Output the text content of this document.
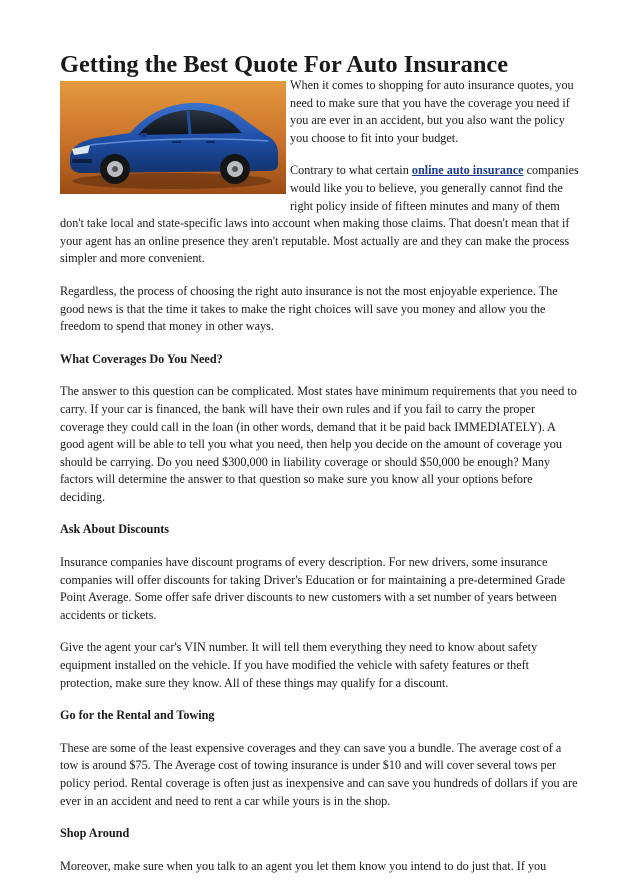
Getting the Best Quote For Auto Insurance

When it comes to shopping for auto insurance quotes, you need to make sure that you have the coverage you need if you are ever in an accident, but you also want the policy you choose to fit into your budget.

Contrary to what certain online auto insurance companies would like you to believe, you generally cannot find the right policy inside of fifteen minutes and many of them don't take local and state-specific laws into account when making those claims. That doesn't mean that if your agent has an online presence they aren't reputable. Most actually are and they can make the process simpler and more convenient.

Regardless, the process of choosing the right auto insurance is not the most enjoyable experience. The good news is that the time it takes to make the right choices will save you money and allow you the freedom to spend that money in other ways.

What Coverages Do You Need?

The answer to this question can be complicated. Most states have minimum requirements that you need to carry. If your car is financed, the bank will have their own rules and if you fail to carry the proper coverage they could call in the loan (in other words, demand that it be paid back IMMEDIATELY). A good agent will be able to tell you what you need, then help you decide on the amount of coverage you should be carrying. Do you need $300,000 in liability coverage or should $50,000 be enough? Many factors will determine the answer to that question so make sure you know all your options before deciding.

Ask About Discounts

Insurance companies have discount programs of every description. For new drivers, some insurance companies will offer discounts for taking Driver's Education or for maintaining a pre-determined Grade Point Average. Some offer safe driver discounts to new customers with a set number of years between accidents or tickets.

Give the agent your car's VIN number. It will tell them everything they need to know about safety equipment installed on the vehicle. If you have modified the vehicle with safety features or theft protection, make sure they know. All of these things may qualify for a discount.

Go for the Rental and Towing

These are some of the least expensive coverages and they can save you a bundle. The average cost of a tow is around $75. The Average cost of towing insurance is under $10 and will cover several tows per policy period. Rental coverage is often just as inexpensive and can save you hundreds of dollars if you are ever in an accident and need to rent a car while yours is in the shop.

Shop Around

Moreover, make sure when you talk to an agent you let them know you intend to do just that. If you
